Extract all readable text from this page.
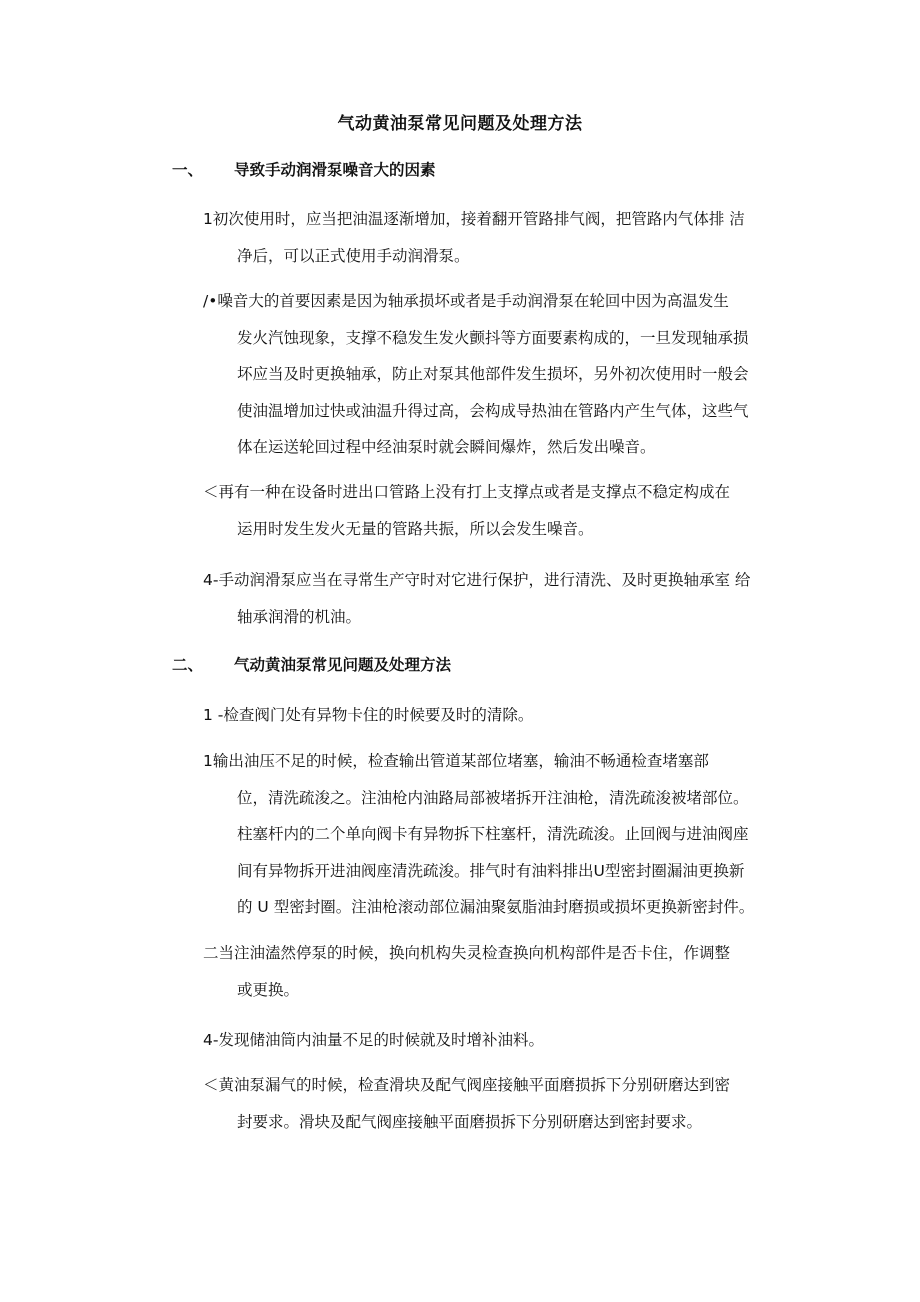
气动黄油泵常见问题及处理方法
一、 导致手动润滑泵噪音大的因素
1初次使用时，应当把油温逐渐增加，接着翻开管路排气阀，把管路内气体排 洁
净后，可以正式使用手动润滑泵。
/•噪音大的首要因素是因为轴承损坏或者是手动润滑泵在轮回中因为高温发生
发火汽蚀现象，支撑不稳发生发火颤抖等方面要素构成的，一旦发现轴承损
坏应当及时更换轴承，防止对泵其他部件发生损坏，另外初次使用时一般会
使油温增加过快或油温升得过高，会构成导热油在管路内产生气体，这些气
体在运送轮回过程中经油泵时就会瞬间爆炸，然后发出噪音。
＜再有一种在设备时进出口管路上没有打上支撑点或者是支撑点不稳定构成在
运用时发生发火无量的管路共振，所以会发生噪音。
4-手动润滑泵应当在寻常生产守时对它进行保护，进行清洗、及时更换轴承室 给
轴承润滑的机油。
二、 气动黄油泵常见问题及处理方法
1 -检查阀门处有异物卡住的时候要及时的清除。
1输出油压不足的时候，检查输出管道某部位堵塞，输油不畅通检查堵塞部
位，清洗疏浚之。注油枪内油路局部被堵拆开注油枪，清洗疏浚被堵部位。
柱塞杆内的二个单向阀卡有异物拆下柱塞杆，清洗疏浚。止回阀与进油阀座
间有异物拆开进油阀座清洗疏浚。排气时有油料排出U型密封圈漏油更换新
的 U 型密封圈。注油枪滚动部位漏油聚氨脂油封磨损或损坏更换新密封件。
二当注油溘然停泵的时候，换向机构失灵检查换向机构部件是否卡住，作调整
或更换。
4-发现储油筒内油量不足的时候就及时增补油料。
＜黄油泵漏气的时候，检查滑块及配气阀座接触平面磨损拆下分别研磨达到密
封要求。滑块及配气阀座接触平面磨损拆下分别研磨达到密封要求。
